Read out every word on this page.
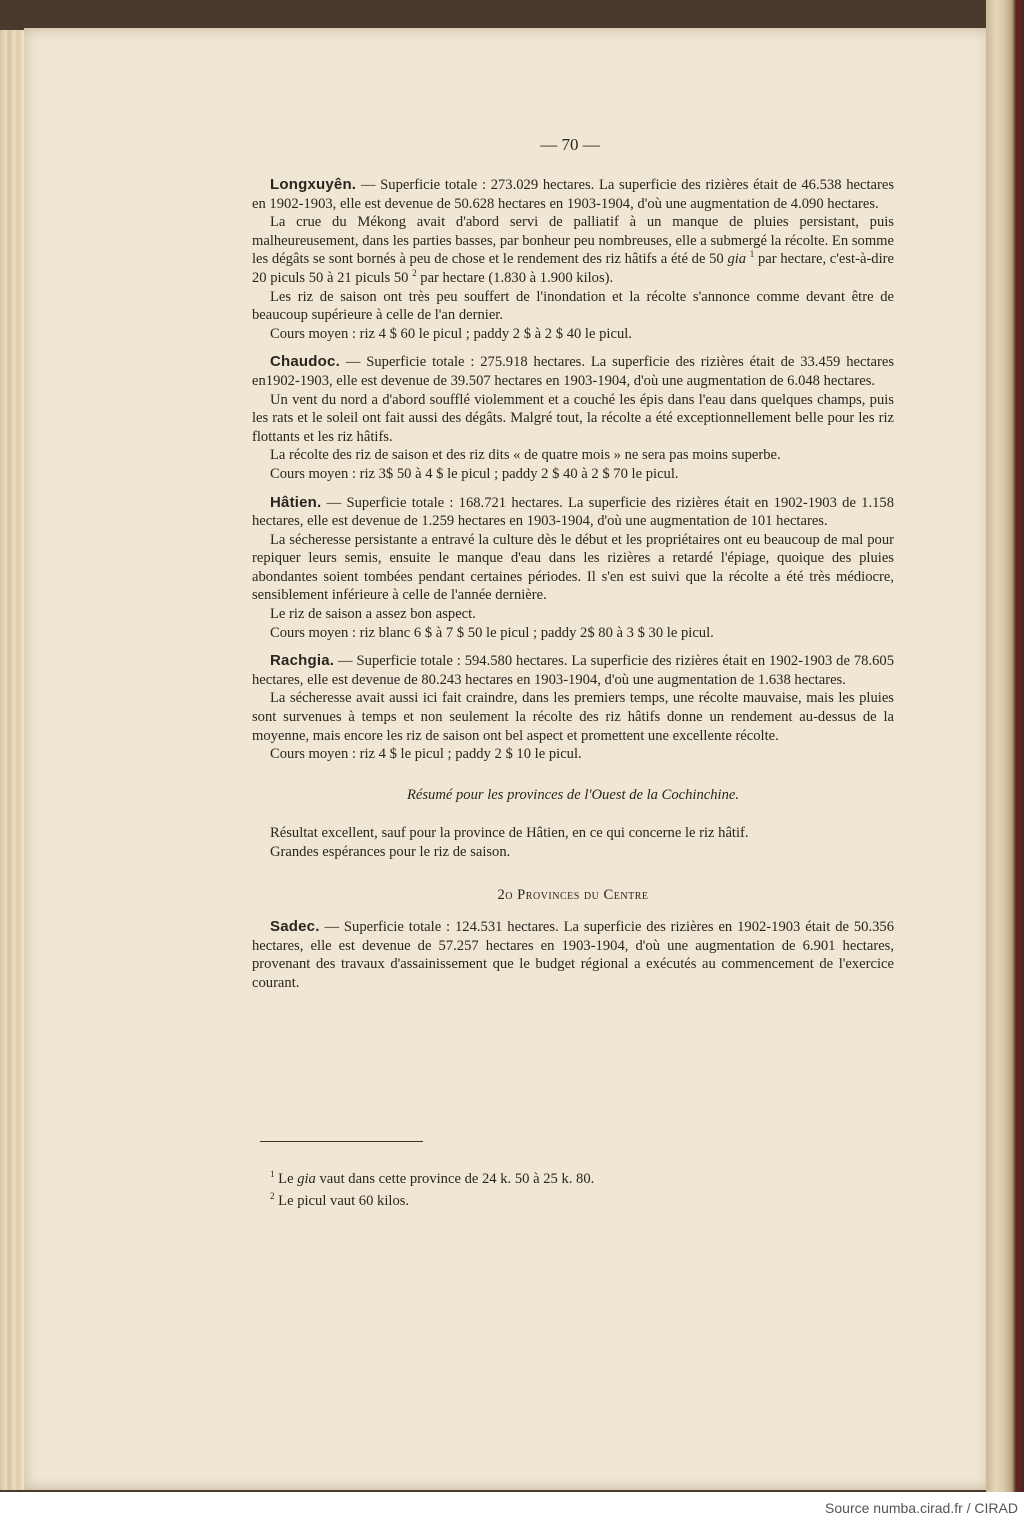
— 70 —

Longxuyên. — Superficie totale : 273.029 hectares. La superficie des rizières était de 46.538 hectares en 1902-1903, elle est devenue de 50.628 hectares en 1903-1904, d'où une augmentation de 4.090 hectares.

La crue du Mékong avait d'abord servi de palliatif à un manque de pluies persistant, puis malheureusement, dans les parties basses, par bonheur peu nombreuses, elle a submergé la récolte. En somme les dégâts se sont bornés à peu de chose et le rendement des riz hâtifs a été de 50 gia $^1$ par hectare, c'est-à-dire 20 piculs 50 à 21 piculs 50 $^2$ par hectare (1.830 à 1.900 kilos).

Les riz de saison ont très peu souffert de l'inondation et la récolte s'annonce comme devant être de beaucoup supérieure à celle de l'an dernier.

Cours moyen : riz 4 $ 60 le picul ; paddy 2 $ à 2 $ 40 le picul.

Chaudoc. — Superficie totale : 275.918 hectares. La superficie des rizières était de 33.459 hectares en1902-1903, elle est devenue de 39.507 hectares en 1903-1904, d'où une augmentation de 6.048 hectares.

Un vent du nord a d'abord soufflé violemment et a couché les épis dans l'eau dans quelques champs, puis les rats et le soleil ont fait aussi des dégâts. Malgré tout, la récolte a été exceptionnellement belle pour les riz flottants et les riz hâtifs.

La récolte des riz de saison et des riz dits « de quatre mois » ne sera pas moins superbe.

Cours moyen : riz 3$ 50 à 4 $ le picul ; paddy 2 $ 40 à 2 $ 70 le picul.

Hâtien. — Superficie totale : 168.721 hectares. La superficie des rizières était en 1902-1903 de 1.158 hectares, elle est devenue de 1.259 hectares en 1903-1904, d'où une augmentation de 101 hectares.

La sécheresse persistante a entravé la culture dès le début et les propriétaires ont eu beaucoup de mal pour repiquer leurs semis, ensuite le manque d'eau dans les rizières a retardé l'épiage, quoique des pluies abondantes soient tombées pendant certaines périodes. Il s'en est suivi que la récolte a été très médiocre, sensiblement inférieure à celle de l'année dernière.

Le riz de saison a assez bon aspect.

Cours moyen : riz blanc 6 $ à 7 $ 50 le picul ; paddy 2$ 80 à 3 $ 30 le picul.

Rachgia. — Superficie totale : 594.580 hectares. La superficie des rizières était en 1902-1903 de 78.605 hectares, elle est devenue de 80.243 hectares en 1903-1904, d'où une augmentation de 1.638 hectares.

La sécheresse avait aussi ici fait craindre, dans les premiers temps, une récolte mauvaise, mais les pluies sont survenues à temps et non seulement la récolte des riz hâtifs donne un rendement au-dessus de la moyenne, mais encore les riz de saison ont bel aspect et promettent une excellente récolte.

Cours moyen : riz 4 $ le picul ; paddy 2 $ 10 le picul.

Résumé pour les provinces de l'Ouest de la Cochinchine.

Résultat excellent, sauf pour la province de Hâtien, en ce qui concerne le riz hâtif.

Grandes espérances pour le riz de saison.

2o Provinces du Centre

Sadec. — Superficie totale : 124.531 hectares. La superficie des rizières en 1902-1903 était de 50.356 hectares, elle est devenue de 57.257 hectares en 1903-1904, d'où une augmentation de 6.901 hectares, provenant des travaux d'assainissement que le budget régional a exécutés au commencement de l'exercice courant.

$^1$ Le gia vaut dans cette province de 24 k. 50 à 25 k. 80.

$^2$ Le picul vaut 60 kilos.

Source numba.cirad.fr / CIRAD
